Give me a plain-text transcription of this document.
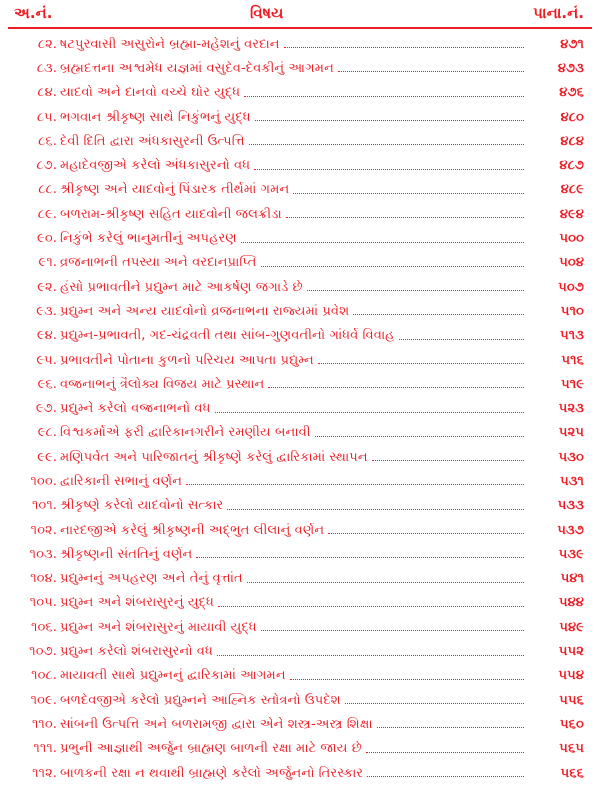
અ.નં.	વિષય	પાના.નં.
૮૨. ષટપુરવાસી અસુરોને બ્રહ્મા-મહેશનું વરદાન	૪૭૧
૮૩. બ્રહ્મદત્તના અશ્વમેધ યજ્ઞમાં વસુદેવ-દેવકીનું આગમન	૪૭૩
૮૪. યાદવો અને દાનવો વચ્ચે ઘોર યુદ્ધ	૪૭૬
૮૫. ભગવાન શ્રીકૃષ્ણ સાથે નિકુંભનું યુદ્ધ	૪૮૦
૮૬. દેવી દિતિ દ્વારા અંધકાસુરની ઉત્પત્તિ	૪૮૪
૮૭. મહાદેવજીએ કરેલો અંધકાસુરનો વધ	૪૮૭
૮૮. શ્રીકૃષ્ણ અને યાદવોનું પિંડારક તીર્થમાં ગમન	૪૮૯
૮૯. બળરામ-શ્રીકૃષ્ણ સહિત યાદવોની જલક્રીડા	૪૯૪
૯૦. નિકુંભે કરેલું ભાનુમતીનું અપહરણ	૫૦૦
૯૧. વ્રજનાભની તપસ્યા અને વરદાનપ્રાપ્તિ	૫૦૪
૯૨. હંસો પ્રભાવતીને પ્રદ્યુમ્ન માટે આકર્ષણ જગાડે છે	૫૦૭
૯૩. પ્રદ્યુમ્ન અને અન્ય યાદવોનો વ્રજનાભના રાજ્યમાં પ્રવેશ	૫૧૦
૯૪. પ્રદ્યુમ્ન-પ્રભાવતી, ગદ-ચંદ્રવતી તથા સાંબ-ગુણવતીનો ગાંધર્વ વિવાહ	૫૧૩
૯૫. પ્રભાવતીને પોતાના કુળનો પરિચય આપતા પ્રદ્યુમ્ન	૫૧૬
૯૬. વજ્રનાભનું ત્રૈલોક્ય વિજય માટે પ્રસ્થાન	૫૧૯
૯૭. પ્રદ્યુમ્ને કરેલો વજ્રનાભનો વધ	૫૨૩
૯૮. વિશ્વકર્માએ ફરી દ્વારિકાનગરીને રમણીય બનાવી	૫૨૫
૯૯. મણિપર્વત અને પારિજાતનું શ્રીકૃષ્ણે કરેલું દ્વારિકામાં સ્થાપન	૫૩૦
૧૦૦. દ્વારિકાની સભાનું વર્ણન	૫૩૧
૧૦૧. શ્રીકૃષ્ણે કરેલો યાદવોનો સત્કાર	૫૩૩
૧૦૨. નારદજીએ કરેલું શ્રીકૃષ્ણની અદ્ભુત લીલાનું વર્ણન	૫૩૭
૧૦૩. શ્રીકૃષ્ણની સંતતિનું વર્ણન	૫૩૯
૧૦૪. પ્રદ્યુમ્નનું અપહરણ અને તેનું વૃત્તાંત	૫૪૧
૧૦૫. પ્રદ્યુમ્ન અને શંબરાસુરનું યુદ્ધ	૫૪૪
૧૦૬. પ્રદ્યુમ્ન અને શંબરાસુરનું માયાવી યુદ્ધ	૫૪૯
૧૦૭. પ્રદ્યુમ્ન કરેલો શંબરાસુરનો વધ	૫૫૨
૧૦૮. માયાવતી સાથે પ્રદ્યુમ્નનું દ્વારિકામાં આગમન	૫૫૪
૧૦૯. બળદેવજીએ કરેલો પ્રદ્યુમ્નને આહ્નિક સ્તોત્રનો ઉપદેશ	૫૫૬
૧૧૦. સાંબની ઉત્પત્તિ અને બળરામજી દ્વારા એને શસ્ત્ર-અસ્ત્ર શિક્ષા	૫૬૦
૧૧૧. પ્રભુની આજ્ઞાથી અર્જુન બ્રાહ્મણ બાળની રક્ષા માટે જાય છે	૫૬૫
૧૧૨. બાળકની રક્ષા ન થવાથી બ્રાહ્મણે કરેલો અર્જુનનો તિરસ્કાર	૫૬૬
